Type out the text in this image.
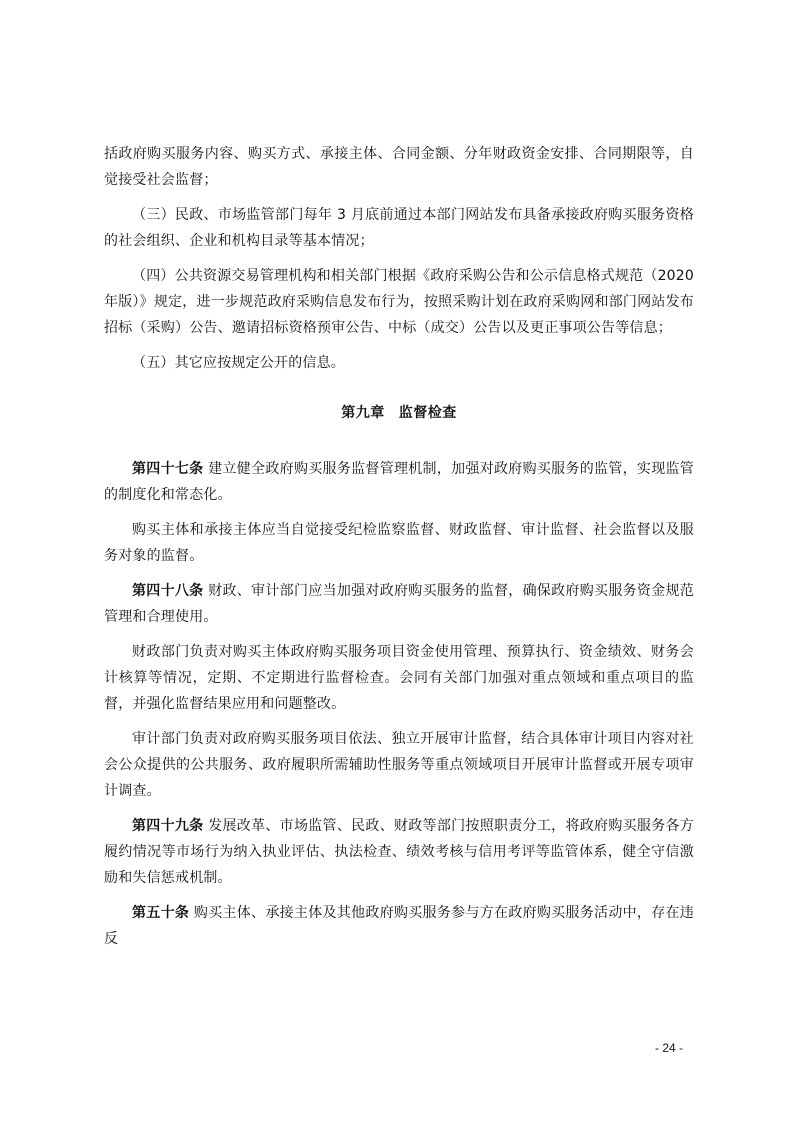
括政府购买服务内容、购买方式、承接主体、合同金额、分年财政资金安排、合同期限等，自觉接受社会监督；

（三）民政、市场监管部门每年 3 月底前通过本部门网站发布具备承接政府购买服务资格的社会组织、企业和机构目录等基本情况；

（四）公共资源交易管理机构和相关部门根据《政府采购公告和公示信息格式规范（2020 年版）》规定，进一步规范政府采购信息发布行为，按照采购计划在政府采购网和部门网站发布招标（采购）公告、邀请招标资格预审公告、中标（成交）公告以及更正事项公告等信息；

（五）其它应按规定公开的信息。

第九章 监督检查

第四十七条 建立健全政府购买服务监督管理机制，加强对政府购买服务的监管，实现监管的制度化和常态化。

购买主体和承接主体应当自觉接受纪检监察监督、财政监督、审计监督、社会监督以及服务对象的监督。

第四十八条 财政、审计部门应当加强对政府购买服务的监督，确保政府购买服务资金规范管理和合理使用。

财政部门负责对购买主体政府购买服务项目资金使用管理、预算执行、资金绩效、财务会计核算等情况，定期、不定期进行监督检查。会同有关部门加强对重点领域和重点项目的监督，并强化监督结果应用和问题整改。

审计部门负责对政府购买服务项目依法、独立开展审计监督，结合具体审计项目内容对社会公众提供的公共服务、政府履职所需辅助性服务等重点领域项目开展审计监督或开展专项审计调查。

第四十九条 发展改革、市场监管、民政、财政等部门按照职责分工，将政府购买服务各方履约情况等市场行为纳入执业评估、执法检查、绩效考核与信用考评等监管体系，健全守信激励和失信惩戒机制。

第五十条 购买主体、承接主体及其他政府购买服务参与方在政府购买服务活动中，存在违反

- 24 -
